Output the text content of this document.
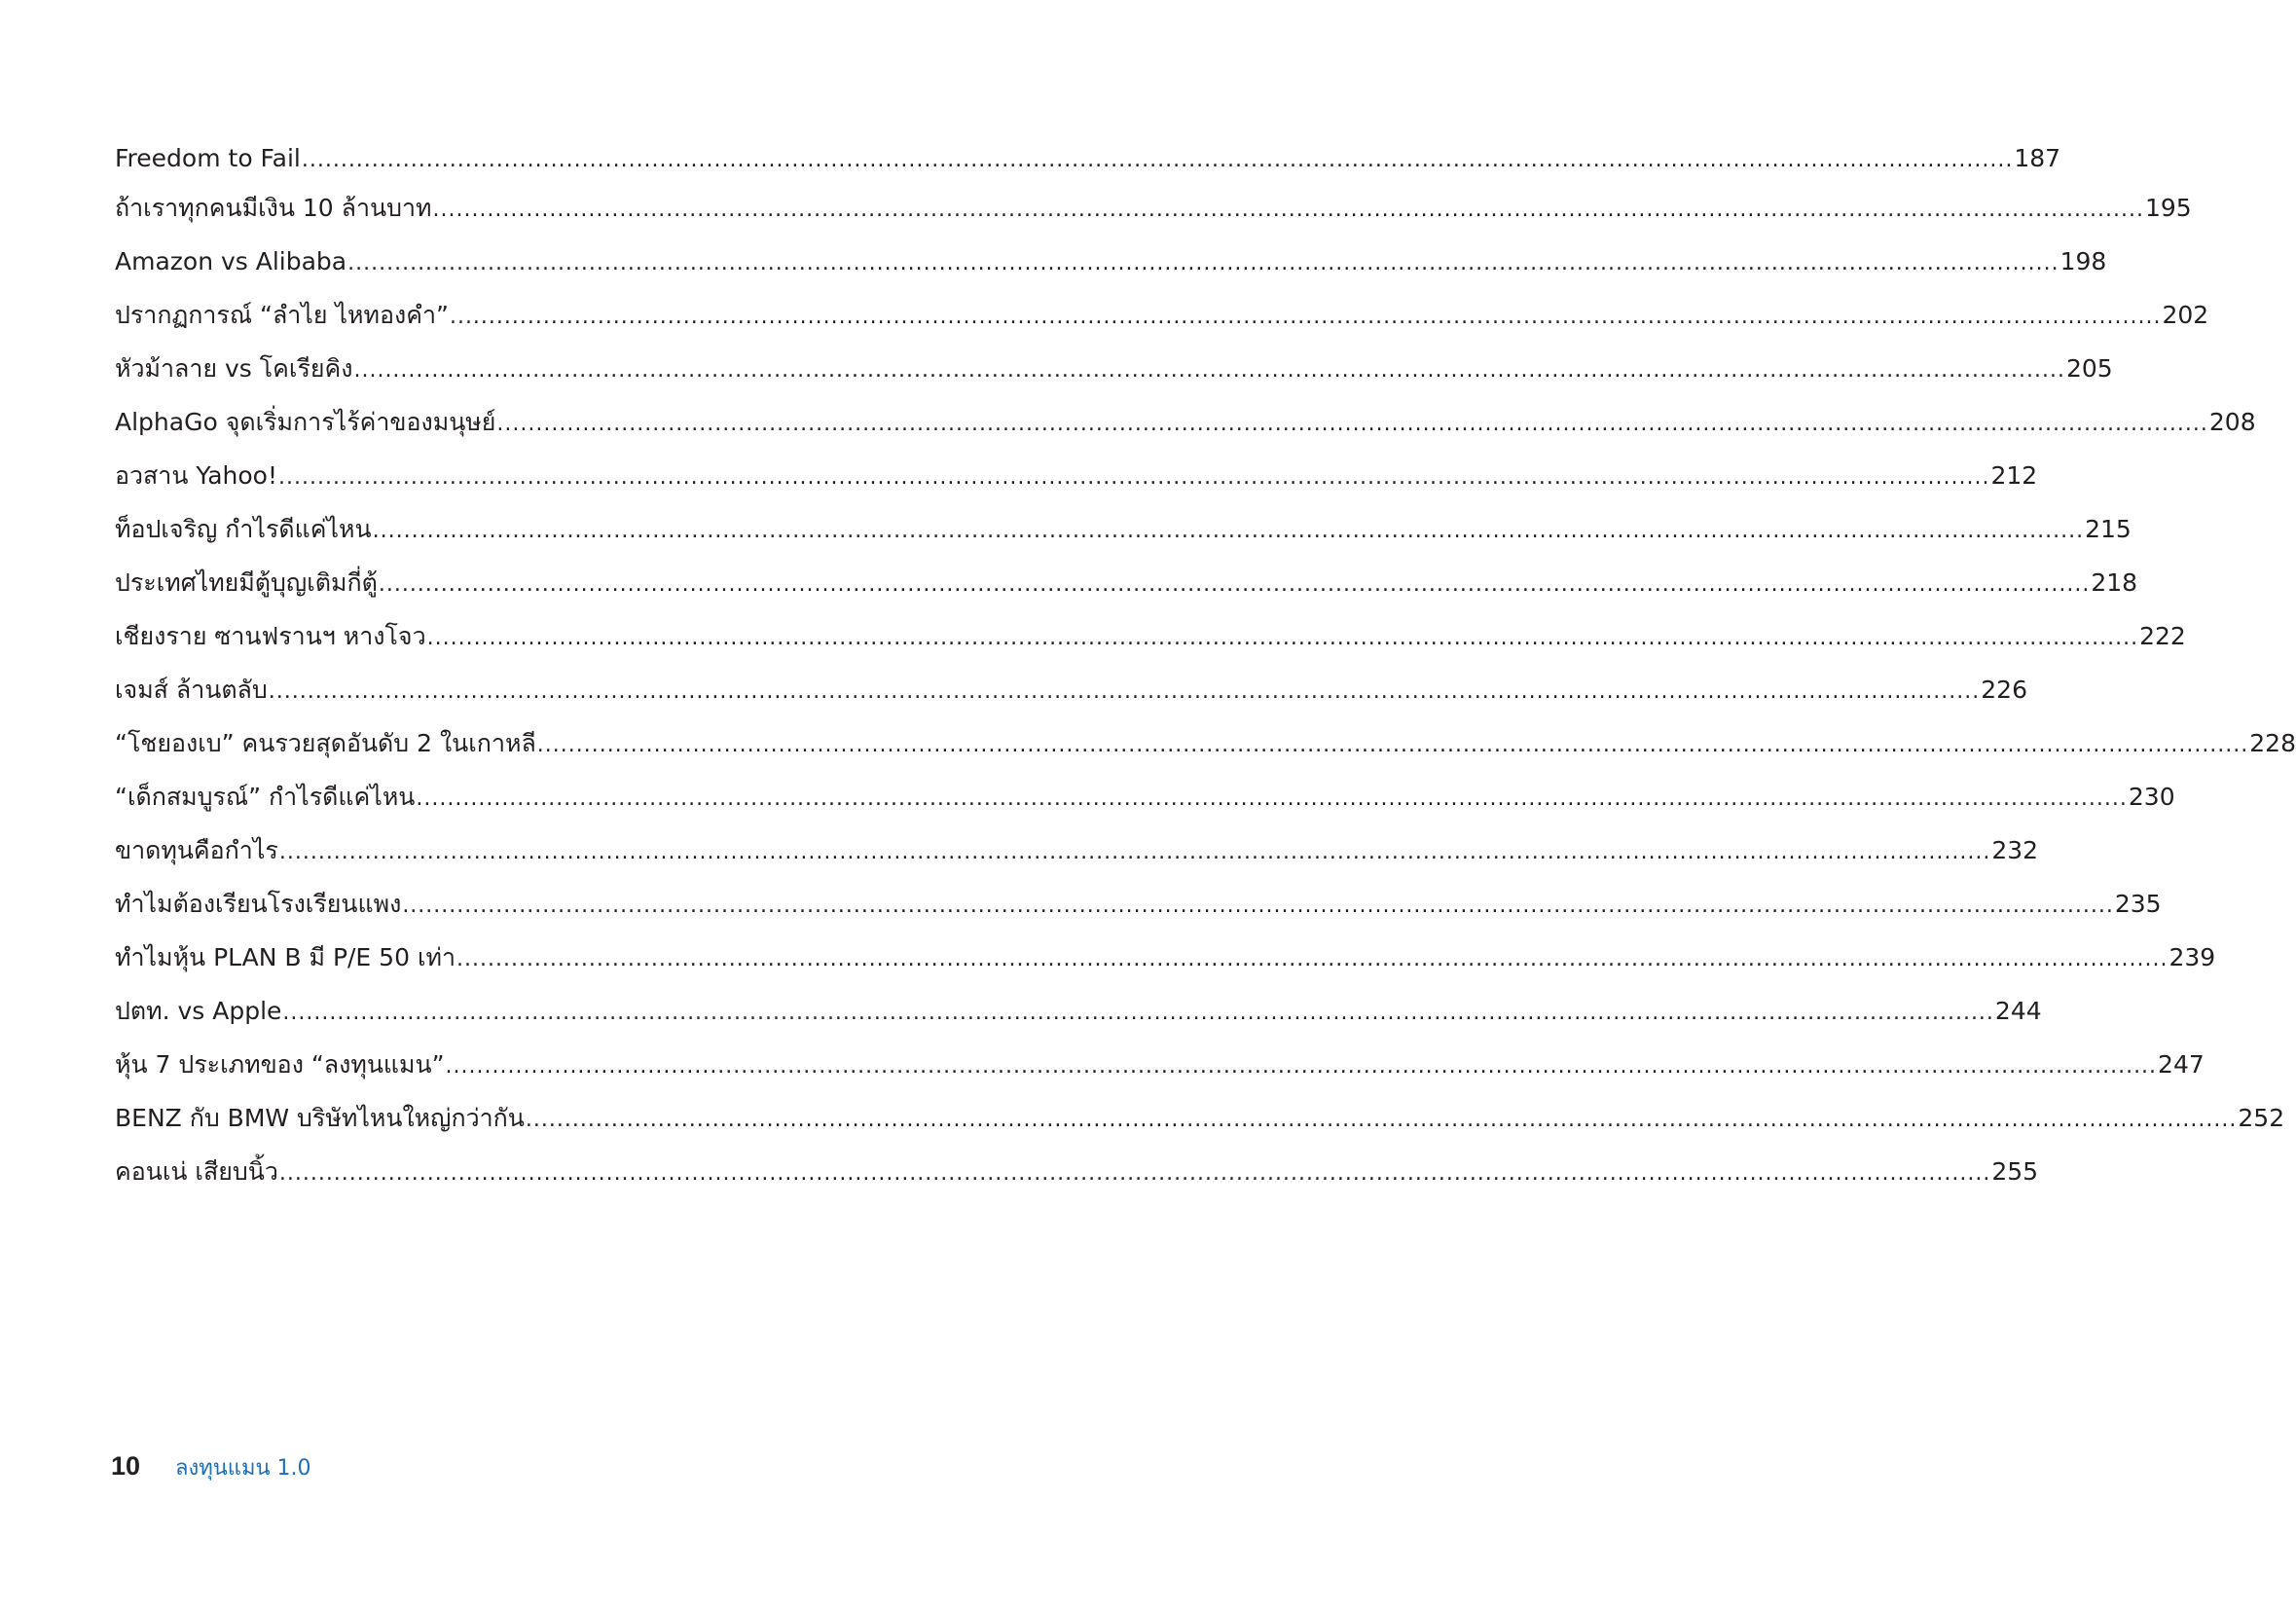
Freedom to Fail ............................................................................................................................................................................................................................ 187
ถ้าเราทุกคนมีเงิน 10 ล้านบาท ............................................................................................................................................................................................................................ 195
Amazon vs Alibaba ............................................................................................................................................................................................................................ 198
ปรากฏการณ์ “ลำไย ไหทองคำ” ............................................................................................................................................................................................................................ 202
หัวม้าลาย vs โคเรียคิง ............................................................................................................................................................................................................................ 205
AlphaGo จุดเริ่มการไร้ค่าของมนุษย์ ............................................................................................................................................................................................................................ 208
อวสาน Yahoo! ............................................................................................................................................................................................................................ 212
ท็อปเจริญ กำไรดีแค่ไหน ............................................................................................................................................................................................................................ 215
ประเทศไทยมีตู้บุญเติมกี่ตู้ ............................................................................................................................................................................................................................ 218
เชียงราย ซานฟรานฯ หางโจว ............................................................................................................................................................................................................................ 222
เจมส์ ล้านตลับ ............................................................................................................................................................................................................................ 226
“โชยองเบ” คนรวยสุดอันดับ 2 ในเกาหลี ............................................................................................................................................................................................................................ 228
“เด็กสมบูรณ์” กำไรดีแค่ไหน ............................................................................................................................................................................................................................ 230
ขาดทุนคือกำไร ............................................................................................................................................................................................................................ 232
ทำไมต้องเรียนโรงเรียนแพง ............................................................................................................................................................................................................................ 235
ทำไมหุ้น PLAN B มี P/E 50 เท่า ............................................................................................................................................................................................................................ 239
ปตท. vs Apple ............................................................................................................................................................................................................................ 244
หุ้น 7 ประเภทของ “ลงทุนแมน” ............................................................................................................................................................................................................................ 247
BENZ กับ BMW บริษัทไหนใหญ่กว่ากัน ............................................................................................................................................................................................................................ 252
คอนเน่ เสียบนิ้ว ............................................................................................................................................................................................................................ 255
10 ลงทุนแมน 1.0
